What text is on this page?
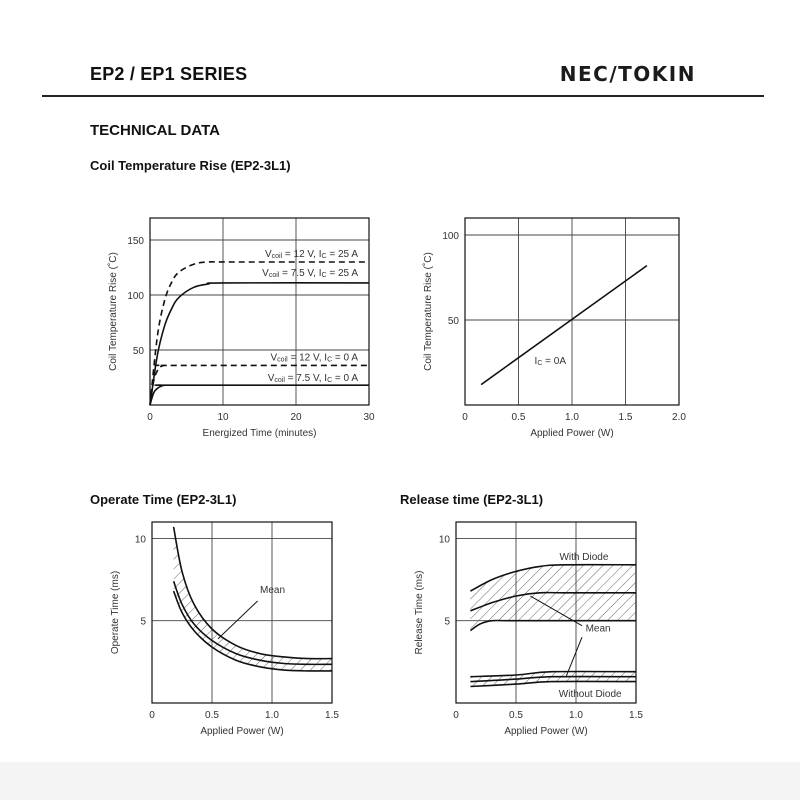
EP2 / EP1 SERIES	NEC/TOKIN
TECHNICAL DATA
Coil Temperature Rise (EP2-3L1)
Operate Time (EP2-3L1)	Release time (EP2-3L1)
0	10	20	30
50
100
150
Energized Time (minutes)
Coil Temperature Rise (˚C)	Vcoil = 12 V, IC = 25 A
Vcoil = 7.5 V, IC = 25 A
Vcoil = 12 V, IC = 0 A
Vcoil = 7.5 V, IC = 0 A
0	0.5	1.0	1.5	2.0
50
100
Applied Power (W)
Coil Temperature Rise (˚C)	IC = 0A
0	0.5	1.0	1.5
5
10
Applied Power (W)
Operate Time (ms)	Mean
0	0.5	1.0	1.5
5
10
Applied Power (W)
Release Time (ms)
With Diode
Mean
Without Diode
